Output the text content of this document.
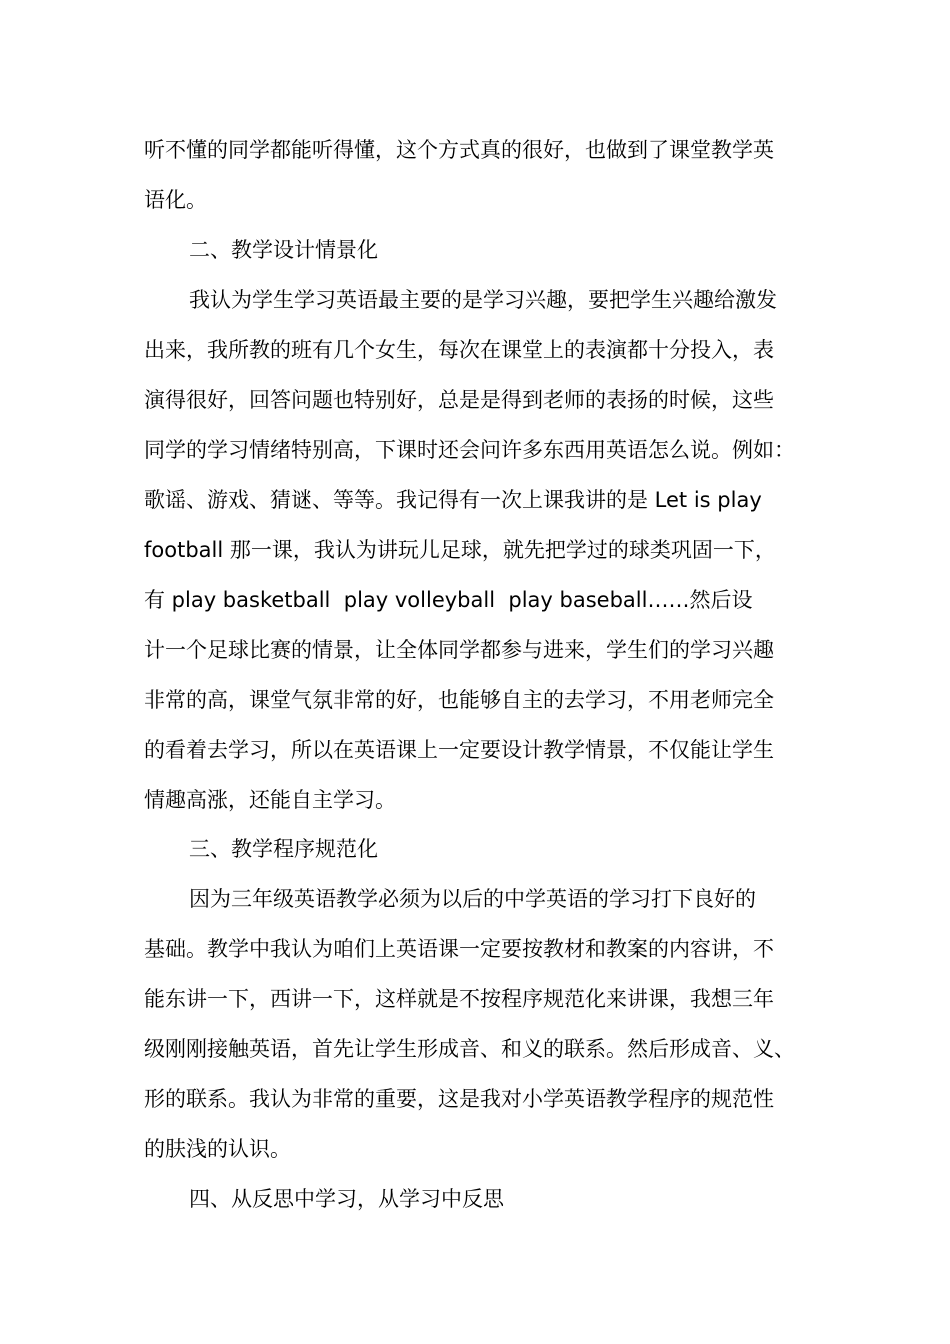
听不懂的同学都能听得懂，这个方式真的很好，也做到了课堂教学英
语化。
二、教学设计情景化
我认为学生学习英语最主要的是学习兴趣，要把学生兴趣给激发
出来，我所教的班有几个女生，每次在课堂上的表演都十分投入，表
演得很好，回答问题也特别好，总是是得到老师的表扬的时候，这些
同学的学习情绪特别高，下课时还会问许多东西用英语怎么说。例如：
歌谣、游戏、猜谜、等等。我记得有一次上课我讲的是 Let is play
football 那一课，我认为讲玩儿足球，就先把学过的球类巩固一下，
有 play basketball  play volleyball  play baseball……然后设
计一个足球比赛的情景，让全体同学都参与进来，学生们的学习兴趣
非常的高，课堂气氛非常的好，也能够自主的去学习，不用老师完全
的看着去学习，所以在英语课上一定要设计教学情景，不仅能让学生
情趣高涨，还能自主学习。
三、教学程序规范化
因为三年级英语教学必须为以后的中学英语的学习打下良好的
基础。教学中我认为咱们上英语课一定要按教材和教案的内容讲，不
能东讲一下，西讲一下，这样就是不按程序规范化来讲课，我想三年
级刚刚接触英语，首先让学生形成音、和义的联系。然后形成音、义、
形的联系。我认为非常的重要，这是我对小学英语教学程序的规范性
的肤浅的认识。
四、从反思中学习，从学习中反思
